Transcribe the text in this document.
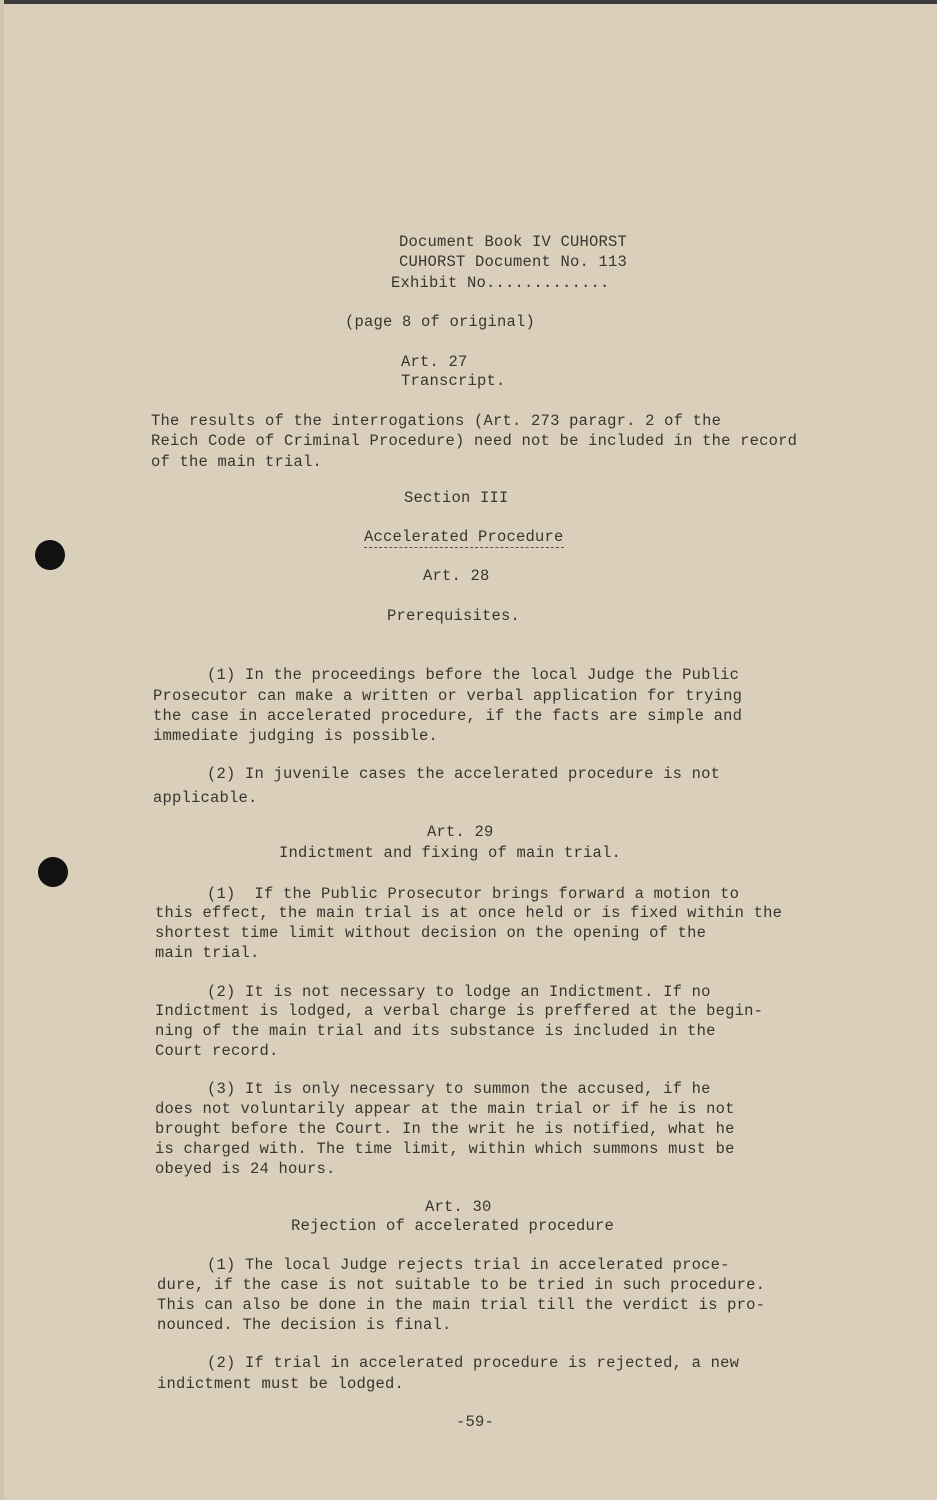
Document Book IV CUHORST
CUHORST Document No. 113
Exhibit No.............
(page 8 of original)
Art. 27
Transcript.
The results of the interrogations (Art. 273 paragr. 2 of the
Reich Code of Criminal Procedure) need not be included in the record
of the main trial.
Section III
Accelerated Procedure
Art. 28
Prerequisites.
(1) In the proceedings before the local Judge the Public
Prosecutor can make a written or verbal application for trying
the case in accelerated procedure, if the facts are simple and
immediate judging is possible.
(2) In juvenile cases the accelerated procedure is not
applicable.
Art. 29
Indictment and fixing of main trial.
(1)  If the Public Prosecutor brings forward a motion to
this effect, the main trial is at once held or is fixed within the
shortest time limit without decision on the opening of the
main trial.
(2) It is not necessary to lodge an Indictment. If no
Indictment is lodged, a verbal charge is preffered at the begin-
ning of the main trial and its substance is included in the
Court record.
(3) It is only necessary to summon the accused, if he
does not voluntarily appear at the main trial or if he is not
brought before the Court. In the writ he is notified, what he
is charged with. The time limit, within which summons must be
obeyed is 24 hours.
Art. 30
Rejection of accelerated procedure
(1) The local Judge rejects trial in accelerated proce-
dure, if the case is not suitable to be tried in such procedure.
This can also be done in the main trial till the verdict is pro-
nounced. The decision is final.
(2) If trial in accelerated procedure is rejected, a new
indictment must be lodged.
-59-
